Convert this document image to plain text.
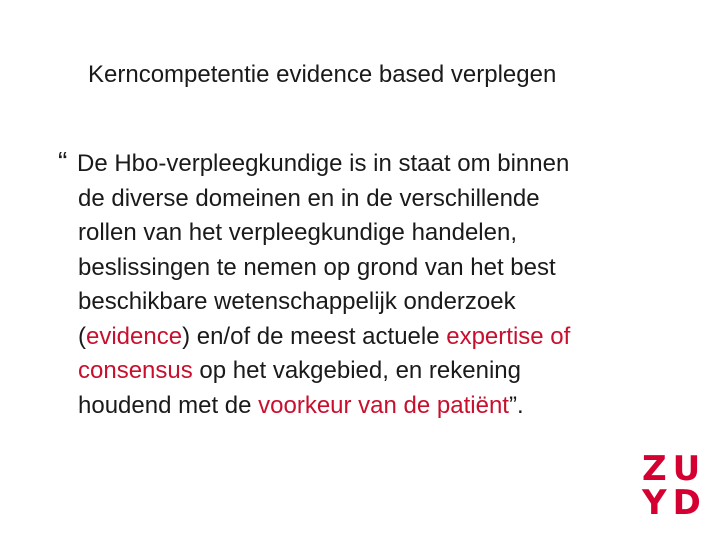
Kerncompetentie evidence based verplegen
“ De Hbo-verpleegkundige is in staat om binnen
de diverse domeinen en in de verschillende
rollen van het verpleegkundige handelen,
beslissingen te nemen op grond van het best
beschikbare wetenschappelijk onderzoek
(evidence) en/of de meest actuele expertise of
consensus op het vakgebied, en rekening
houdend met de voorkeur van de patiënt”.
ZU
YD
